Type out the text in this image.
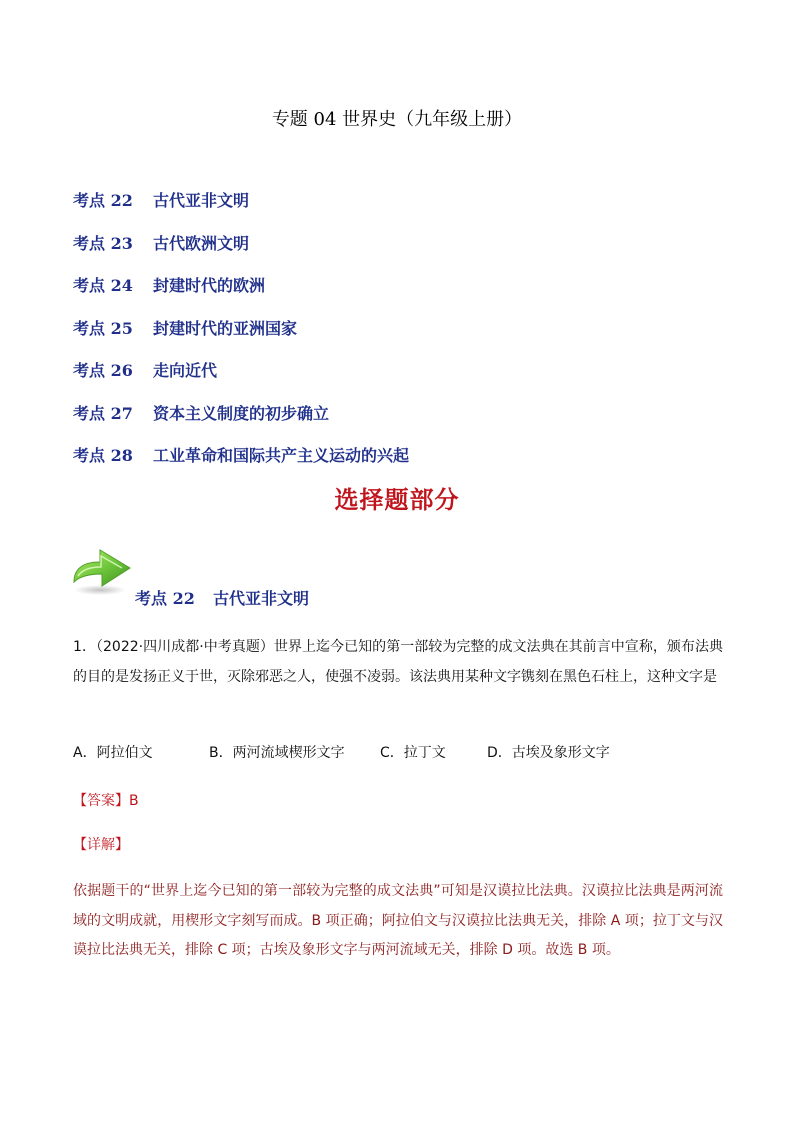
专题 04 世界史（九年级上册）
考点 22 古代亚非文明
考点 23 古代欧洲文明
考点 24 封建时代的欧洲
考点 25 封建时代的亚洲国家
考点 26 走向近代
考点 27 资本主义制度的初步确立
考点 28 工业革命和国际共产主义运动的兴起
选择题部分
考点 22 古代亚非文明
1．（2022·四川成都·中考真题）世界上迄今已知的第一部较为完整的成文法典在其前言中宣称，颁布法典的目的是发扬正义于世，灭除邪恶之人，使强不凌弱。该法典用某种文字镌刻在黑色石柱上，这种文字是
A．阿拉伯文	B．两河流域楔形文字	C．拉丁文	D．古埃及象形文字
【答案】B
【详解】
依据题干的“世界上迄今已知的第一部较为完整的成文法典”可知是汉谟拉比法典。汉谟拉比法典是两河流域的文明成就，用楔形文字刻写而成。B 项正确；阿拉伯文与汉谟拉比法典无关，排除 A 项；拉丁文与汉谟拉比法典无关，排除 C 项；古埃及象形文字与两河流域无关，排除 D 项。故选 B 项。
